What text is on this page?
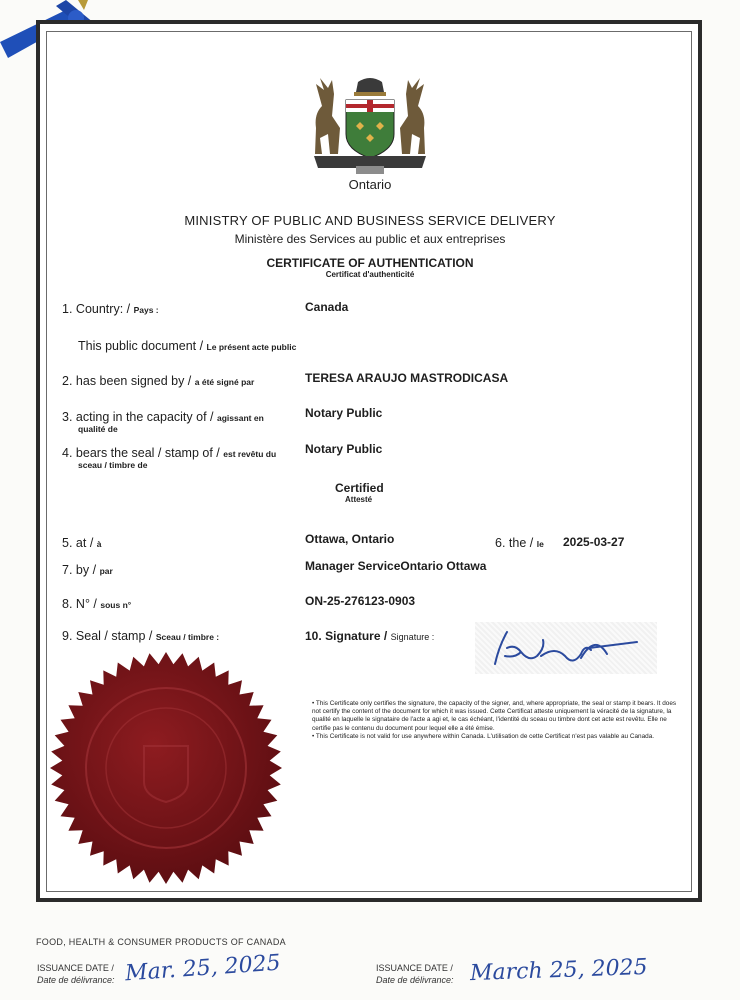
Ontario
MINISTRY OF PUBLIC AND BUSINESS SERVICE DELIVERY
Ministère des Services au public et aux entreprises
CERTIFICATE OF AUTHENTICATION
Certificat d'authenticité
1. Country: / Pays :	Canada
This public document / Le présent acte public
2. has been signed by / a été signé par	TERESA ARAUJO MASTRODICASA
3. acting in the capacity of / agissant en
qualité de
Notary Public
4. bears the seal / stamp of / est revêtu du
sceau / timbre de
Notary Public
Certified
Attesté
5. at / à	Ottawa, Ontario	6. the / le 2025-03-27
7. by / par	Manager ServiceOntario Ottawa
8. N° / sous n°	ON-25-276123-0903
9. Seal / stamp / Sceau / timbre :	10. Signature / Signature :

• This Certificate only certifies the signature, the capacity of the signer, and, where appropriate, the seal or stamp it bears. It does not certify the content of the document for which it was issued. Cette Certificat atteste uniquement la véracité de la signature, la qualité en laquelle le signataire de l'acte a agi et, le cas échéant, l'identité du sceau ou timbre dont cet acte est revêtu. Elle ne certifie pas le contenu du document pour lequel elle a été émise.

• This Certificate is not valid for use anywhere within Canada. L'utilisation de cette Certificat n'est pas valable au Canada.

FOOD, HEALTH & CONSUMER PRODUCTS OF CANADA
ISSUANCE DATE /
Date de délivrance: Mar. 25, 2025	ISSUANCE DATE /
Date de délivrance: March 25, 2025
